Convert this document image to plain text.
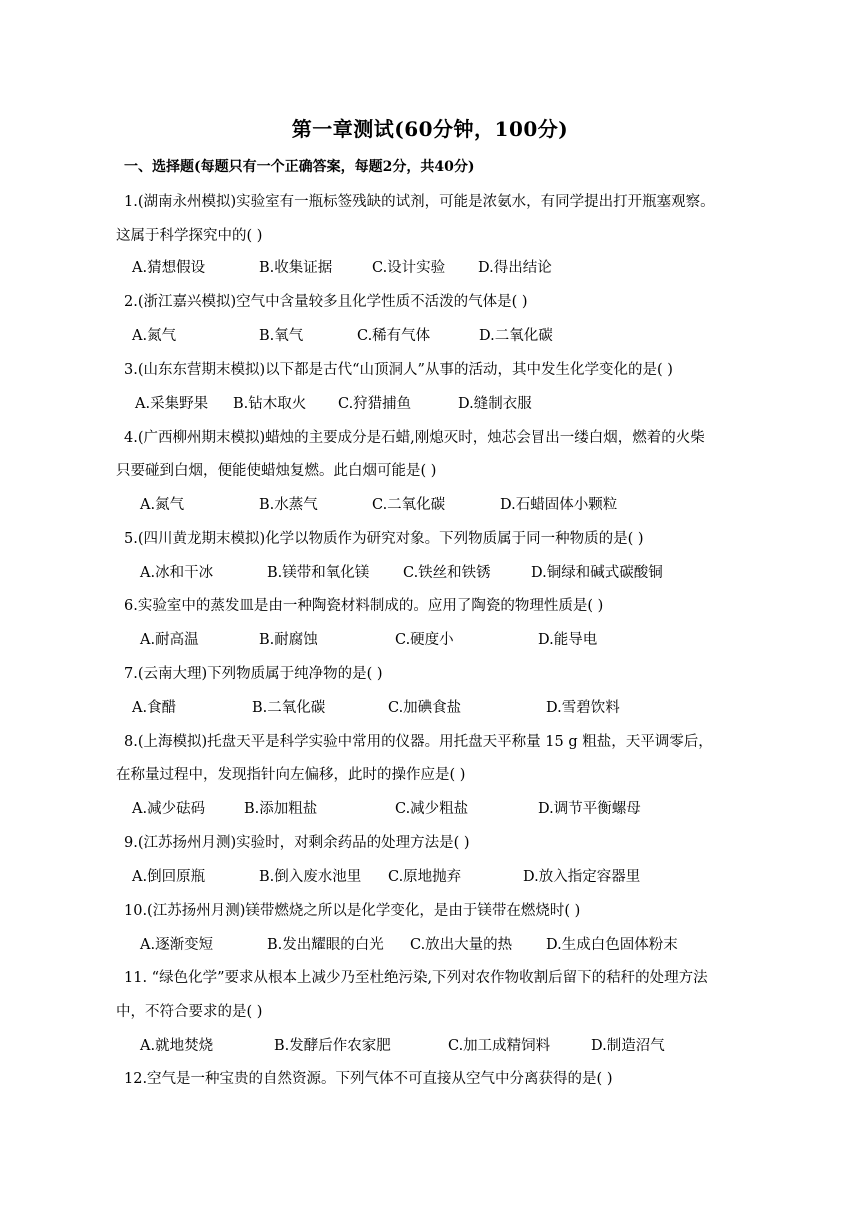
第一章测试(60分钟，100分)
一、选择题(每题只有一个正确答案，每题2分，共40分)
1.(湖南永州模拟)实验室有一瓶标签残缺的试剂，可能是浓氨水，有同学提出打开瓶塞观察。
这属于科学探究中的( )
A.猜想假设	B.收集证据	C.设计实验 D.得出结论
2.(浙江嘉兴模拟)空气中含量较多且化学性质不活泼的气体是( )
A.氮气	B.氧气	C.稀有气体	D.二氧化碳
3.(山东东营期末模拟)以下都是古代“山顶洞人”从事的活动，其中发生化学变化的是( )
A.采集野果 B.钻木取火 C.狩猎捕鱼	D.缝制衣服
4.(广西柳州期末模拟)蜡烛的主要成分是石蜡,刚熄灭时，烛芯会冒出一缕白烟，燃着的火柴
只要碰到白烟，便能使蜡烛复燃。此白烟可能是( )
A.氮气	B.水蒸气	C.二氧化碳	D.石蜡固体小颗粒
5.(四川黄龙期末模拟)化学以物质作为研究对象。下列物质属于同一种物质的是( )
A.冰和干冰	B.镁带和氧化镁 C.铁丝和铁锈	D.铜绿和碱式碳酸铜
6.实验室中的蒸发皿是由一种陶瓷材料制成的。应用了陶瓷的物理性质是( )
A.耐高温	B.耐腐蚀	C.硬度小	D.能导电
7.(云南大理)下列物质属于纯净物的是( )
A.食醋	B.二氧化碳	C.加碘食盐	D.雪碧饮料
8.(上海模拟)托盘天平是科学实验中常用的仪器。用托盘天平称量 15 g 粗盐，天平调零后，
在称量过程中，发现指针向左偏移，此时的操作应是( )
A.减少砝码	B.添加粗盐	C.减少粗盐	D.调节平衡螺母
9.(江苏扬州月测)实验时，对剩余药品的处理方法是( )
A.倒回原瓶	B.倒入废水池里 C.原地抛弃	D.放入指定容器里
10.(江苏扬州月测)镁带燃烧之所以是化学变化，是由于镁带在燃烧时( )
A.逐渐变短	B.发出耀眼的白光 C.放出大量的热 D.生成白色固体粉末
11. “绿色化学”要求从根本上减少乃至杜绝污染,下列对农作物收割后留下的秸秆的处理方法
中，不符合要求的是( )
A.就地焚烧	B.发酵后作农家肥	C.加工成精饲料	D.制造沼气
12.空气是一种宝贵的自然资源。下列气体不可直接从空气中分离获得的是( )
